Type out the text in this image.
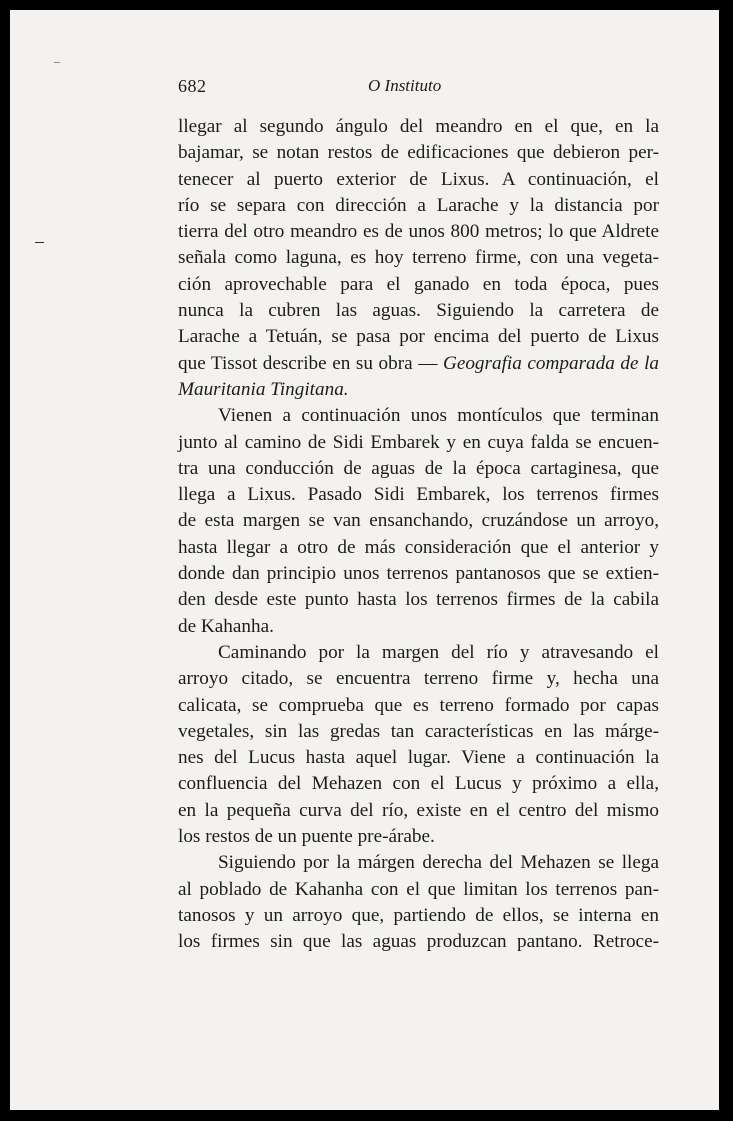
682	O Instituto
llegar al segundo ángulo del meandro en el que, en la
bajamar, se notan restos de edificaciones que debieron per-
tenecer al puerto exterior de Lixus. A continuación, el
río se separa con dirección a Larache y la distancia por
tierra del otro meandro es de unos 800 metros; lo que Aldrete
señala como laguna, es hoy terreno firme, con una vegeta-
ción aprovechable para el ganado en toda época, pues
nunca la cubren las aguas. Siguiendo la carretera de
Larache a Tetuán, se pasa por encima del puerto de Lixus
que Tissot describe en su obra — Geografia comparada de la
Mauritania Tingitana.
Vienen a continuación unos montículos que terminan
junto al camino de Sidi Embarek y en cuya falda se encuen-
tra una conducción de aguas de la época cartaginesa, que
llega a Lixus. Pasado Sidi Embarek, los terrenos firmes
de esta margen se van ensanchando, cruzándose un arroyo,
hasta llegar a otro de más consideración que el anterior y
donde dan principio unos terrenos pantanosos que se extien-
den desde este punto hasta los terrenos firmes de la cabila
de Kahanha.
Caminando por la margen del río y atravesando el
arroyo citado, se encuentra terreno firme y, hecha una
calicata, se comprueba que es terreno formado por capas
vegetales, sin las gredas tan características en las márge-
nes del Lucus hasta aquel lugar. Viene a continuación la
confluencia del Mehazen con el Lucus y próximo a ella,
en la pequeña curva del río, existe en el centro del mismo
los restos de un puente pre-árabe.
Siguiendo por la márgen derecha del Mehazen se llega
al poblado de Kahanha con el que limitan los terrenos pan-
tanosos y un arroyo que, partiendo de ellos, se interna en
los firmes sin que las aguas produzcan pantano. Retroce-
